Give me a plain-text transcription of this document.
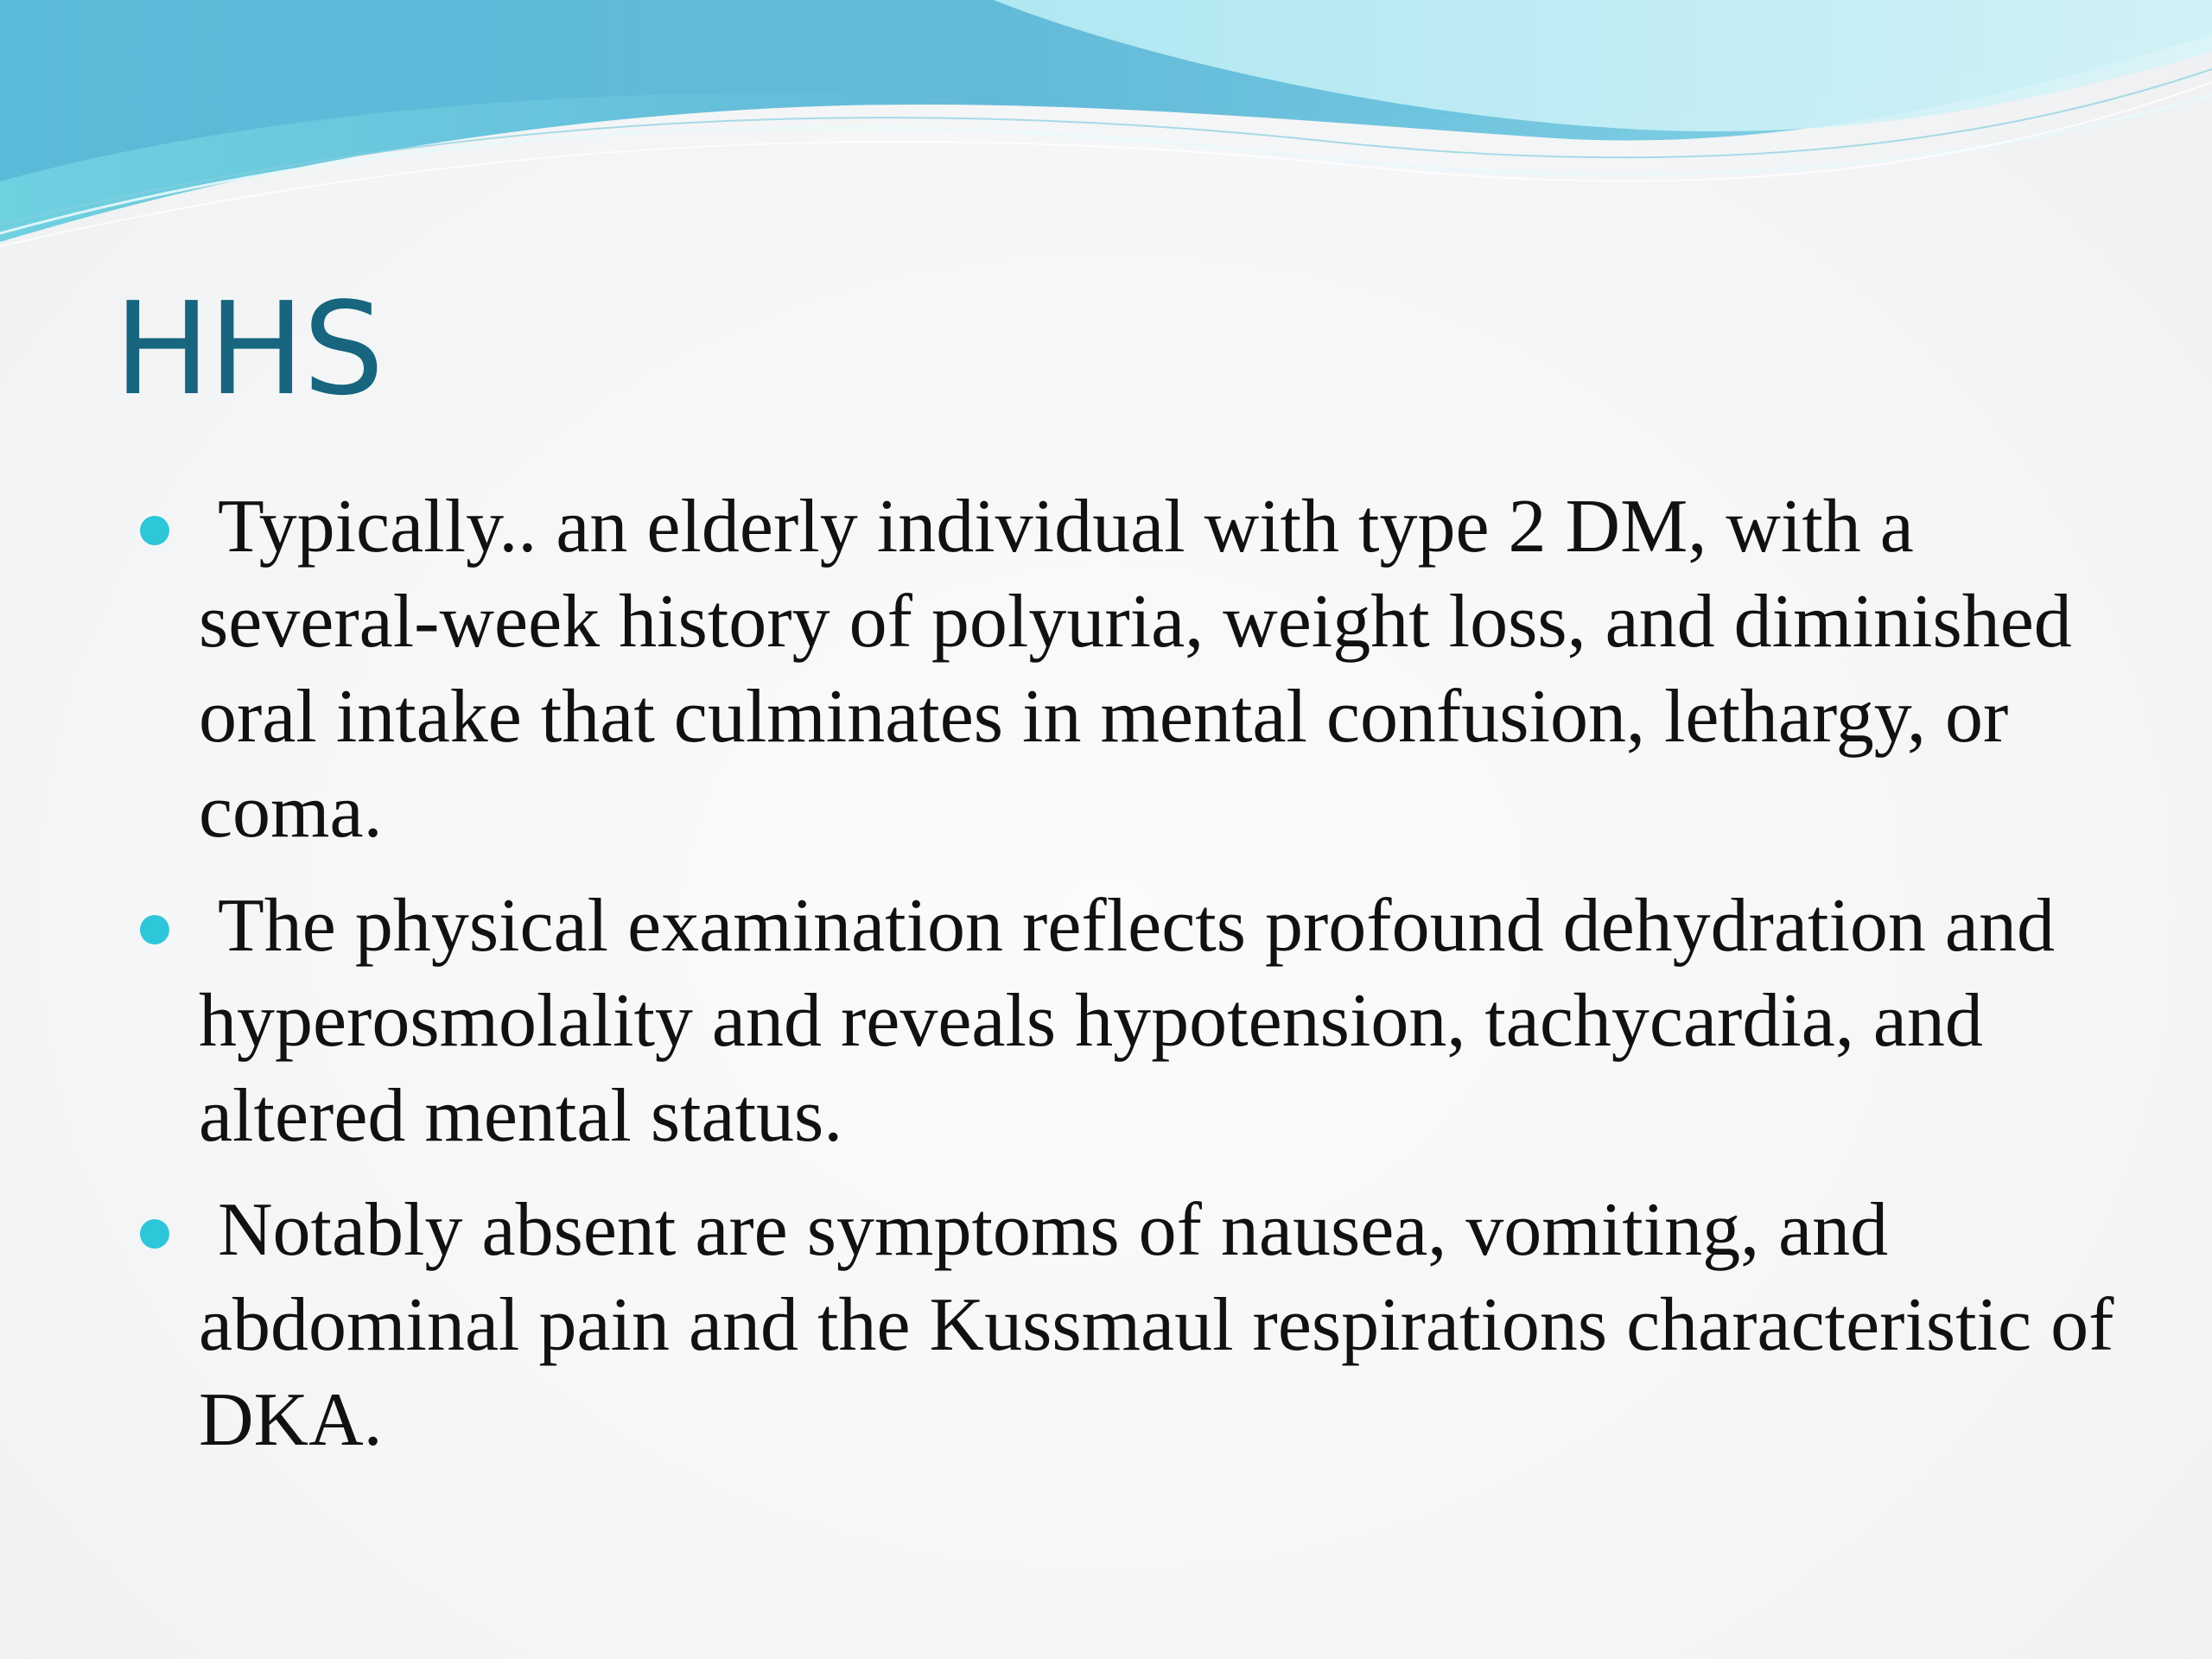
HHS
Typically.. an elderly individual with type 2 DM, with a several-week history of polyuria, weight loss, and diminished oral intake that culminates in mental confusion, lethargy, or coma.
The physical examination reflects profound dehydration and hyperosmolality and reveals hypotension, tachycardia, and altered mental status.
Notably absent are symptoms of nausea, vomiting, and abdominal pain and the Kussmaul respirations characteristic of DKA.
